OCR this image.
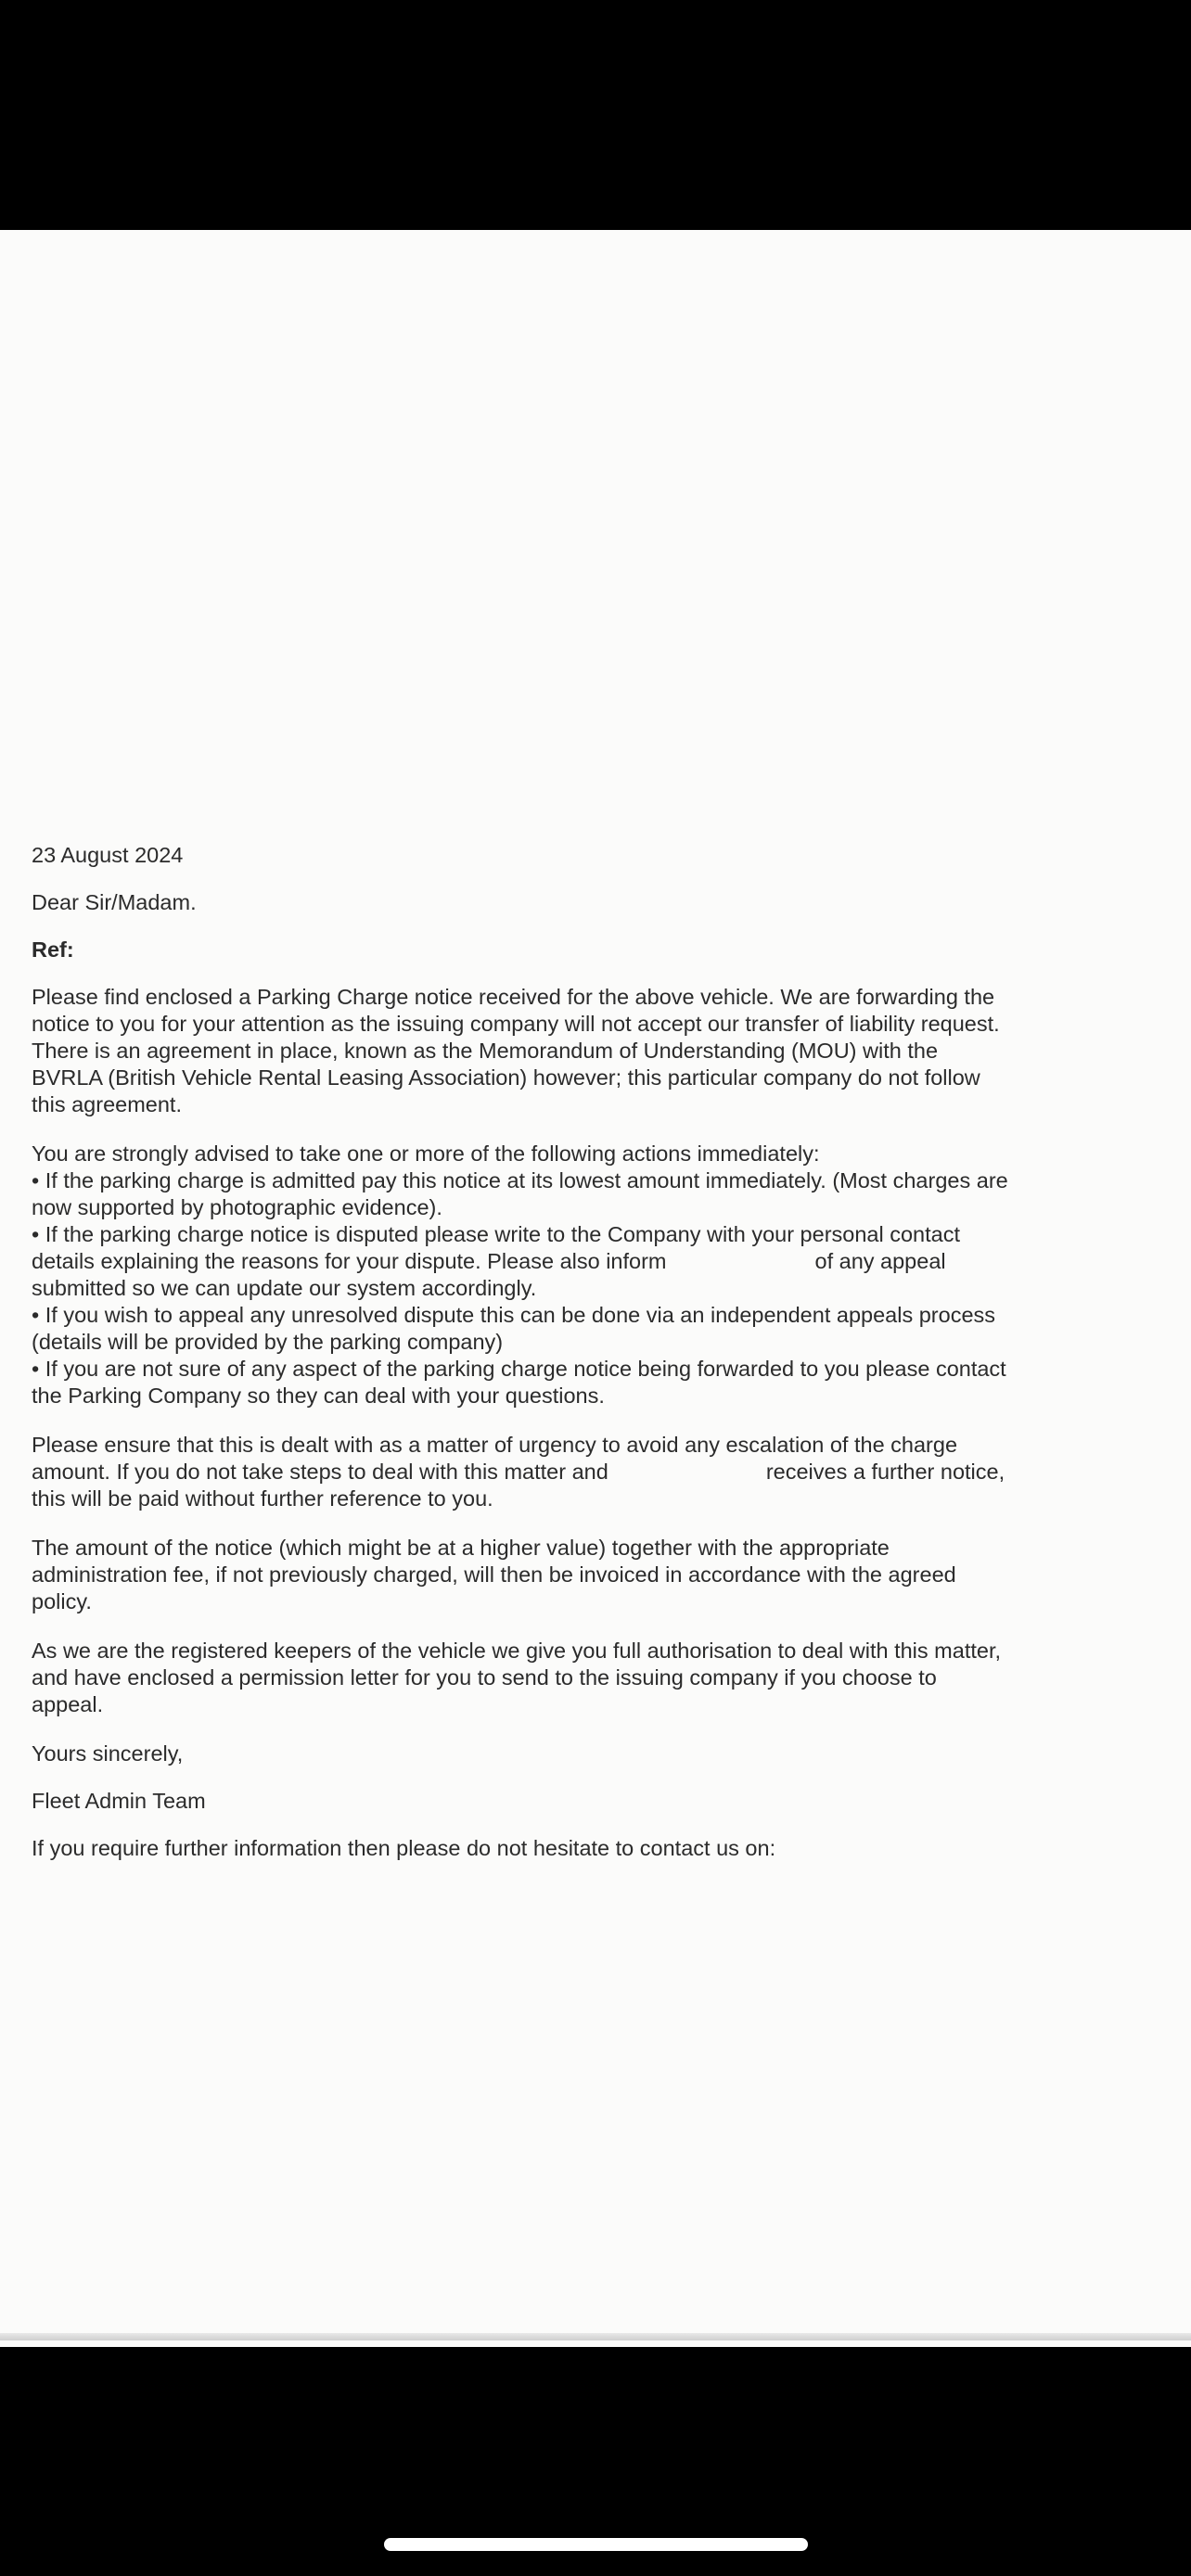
23 August 2024
Dear Sir/Madam.
Ref:
Please find enclosed a Parking Charge notice received for the above vehicle. We are forwarding the
notice to you for your attention as the issuing company will not accept our transfer of liability request.
There is an agreement in place, known as the Memorandum of Understanding (MOU) with the
BVRLA (British Vehicle Rental Leasing Association) however; this particular company do not follow
this agreement.
You are strongly advised to take one or more of the following actions immediately:
• If the parking charge is admitted pay this notice at its lowest amount immediately. (Most charges are
now supported by photographic evidence).
• If the parking charge notice is disputed please write to the Company with your personal contact
details explaining the reasons for your dispute. Please also inform	of any appeal
submitted so we can update our system accordingly.
• If you wish to appeal any unresolved dispute this can be done via an independent appeals process
(details will be provided by the parking company)
• If you are not sure of any aspect of the parking charge notice being forwarded to you please contact
the Parking Company so they can deal with your questions.
Please ensure that this is dealt with as a matter of urgency to avoid any escalation of the charge
amount. If you do not take steps to deal with this matter and	receives a further notice,
this will be paid without further reference to you.
The amount of the notice (which might be at a higher value) together with the appropriate
administration fee, if not previously charged, will then be invoiced in accordance with the agreed
policy.
As we are the registered keepers of the vehicle we give you full authorisation to deal with this matter,
and have enclosed a permission letter for you to send to the issuing company if you choose to
appeal.
Yours sincerely,
Fleet Admin Team
If you require further information then please do not hesitate to contact us on:
